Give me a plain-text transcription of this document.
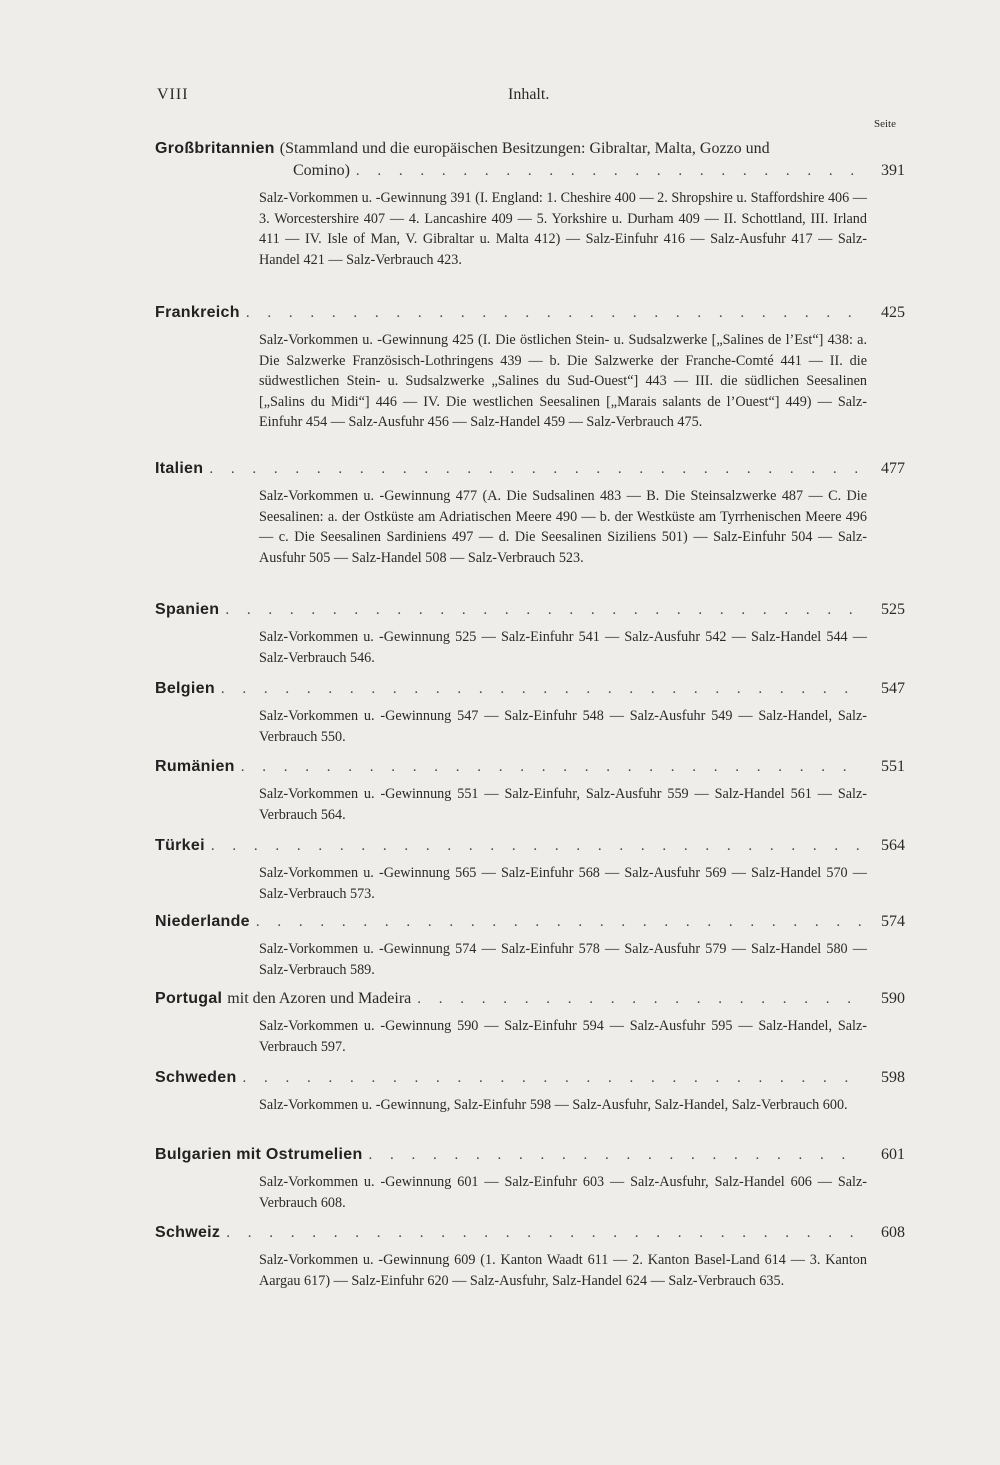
VIII	Inhalt.
Seite
Großbritannien (Stammland und die europäischen Besitzungen: Gibraltar, Malta, Gozzo und
Comino) . . .	391
Salz-Vorkommen u. -Gewinnung 391 (I. England: 1. Cheshire 400 — 2. Shropshire u. Staffordshire 406 — 3. Worcestershire 407 — 4. Lancashire 409 — 5. Yorkshire u. Durham 409 — II. Schottland, III. Irland 411 — IV. Isle of Man, V. Gibraltar u. Malta 412) — Salz-Einfuhr 416 — Salz-Ausfuhr 417 — Salz-Handel 421 — Salz-Verbrauch 423.
Frankreich . . .	425
Salz-Vorkommen u. -Gewinnung 425 (I. Die östlichen Stein- u. Sudsalzwerke [„Salines de l’Est“] 438: a. Die Salzwerke Französisch-Lothringens 439 — b. Die Salzwerke der Franche-Comté 441 — II. die südwestlichen Stein- u. Sudsalzwerke „Salines du Sud-Ouest“] 443 — III. die südlichen Seesalinen [„Salins du Midi“] 446 — IV. Die westlichen Seesalinen [„Marais salants de l’Ouest“] 449) — Salz-Einfuhr 454 — Salz-Ausfuhr 456 — Salz-Handel 459 — Salz-Verbrauch 475.
Italien . . .	477
Salz-Vorkommen u. -Gewinnung 477 (A. Die Sudsalinen 483 — B. Die Steinsalzwerke 487 — C. Die Seesalinen: a. der Ostküste am Adriatischen Meere 490 — b. der Westküste am Tyrrhenischen Meere 496 — c. Die Seesalinen Sardiniens 497 — d. Die Seesalinen Siziliens 501) — Salz-Einfuhr 504 — Salz-Ausfuhr 505 — Salz-Handel 508 — Salz-Verbrauch 523.
Spanien . . .	525
Salz-Vorkommen u. -Gewinnung 525 — Salz-Einfuhr 541 — Salz-Ausfuhr 542 — Salz-Handel 544 — Salz-Verbrauch 546.
Belgien . . .	547
Salz-Vorkommen u. -Gewinnung 547 — Salz-Einfuhr 548 — Salz-Ausfuhr 549 — Salz-Handel, Salz-Verbrauch 550.
Rumänien . . .	551
Salz-Vorkommen u. -Gewinnung 551 — Salz-Einfuhr, Salz-Ausfuhr 559 — Salz-Handel 561 — Salz-Verbrauch 564.
Türkei . . .	564
Salz-Vorkommen u. -Gewinnung 565 — Salz-Einfuhr 568 — Salz-Ausfuhr 569 — Salz-Handel 570 — Salz-Verbrauch 573.
Niederlande . . .	574
Salz-Vorkommen u. -Gewinnung 574 — Salz-Einfuhr 578 — Salz-Ausfuhr 579 — Salz-Handel 580 — Salz-Verbrauch 589.
Portugal mit den Azoren und Madeira . . .	590
Salz-Vorkommen u. -Gewinnung 590 — Salz-Einfuhr 594 — Salz-Ausfuhr 595 — Salz-Handel, Salz-Verbrauch 597.
Schweden . . .	598
Salz-Vorkommen u. -Gewinnung, Salz-Einfuhr 598 — Salz-Ausfuhr, Salz-Handel, Salz-Verbrauch 600.
Bulgarien mit Ostrumelien . . .	601
Salz-Vorkommen u. -Gewinnung 601 — Salz-Einfuhr 603 — Salz-Ausfuhr, Salz-Handel 606 — Salz-Verbrauch 608.
Schweiz . . .	608
Salz-Vorkommen u. -Gewinnung 609 (1. Kanton Waadt 611 — 2. Kanton Basel-Land 614 — 3. Kanton Aargau 617) — Salz-Einfuhr 620 — Salz-Ausfuhr, Salz-Handel 624 — Salz-Verbrauch 635.
